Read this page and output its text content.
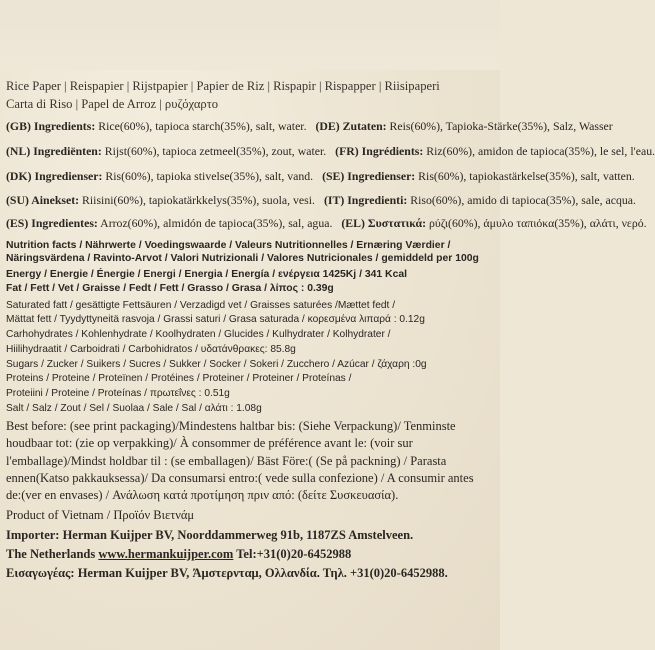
Rice Paper | Reispapier | Rijstpapier | Papier de Riz | Rispapir | Rispapper | Riisipaperi
Carta di Riso | Papel de Arroz | ρυζόχαρτο
(GB) Ingredients: Rice(60%), tapioca starch(35%), salt, water. (DE) Zutaten: Reis(60%), Tapioka-Stärke(35%), Salz, Wasser
(NL) Ingrediënten: Rijst(60%), tapioca zetmeel(35%), zout, water. (FR) Ingrédients: Riz(60%), amidon de tapioca(35%), le sel, l'eau.
(DK) Ingredienser: Ris(60%), tapioka stivelse(35%), salt, vand. (SE) Ingredienser: Ris(60%), tapiokastärkelse(35%), salt, vatten.
(SU) Ainekset: Riisini(60%), tapiokatärkkelys(35%), suola, vesi. (IT) Ingredienti: Riso(60%), amido di tapioca(35%), sale, acqua.
(ES) Ingredientes: Arroz(60%), almidón de tapioca(35%), sal, agua. (EL) Συστατικά: ρύζι(60%), άμυλο ταπιόκα(35%), αλάτι, νερό.
Nutrition facts / Nährwerte / Voedingswaarde / Valeurs Nutritionnelles / Ernæring Værdier /
Näringsvärdena / Ravinto-Arvot / Valori Nutrizionali / Valores Nutricionales / gemiddeld per 100g
Energy / Energie / Énergie / Energi / Energia / Energía / ενέργεια 1425Kj / 341 Kcal
Fat / Fett / Vet / Graisse / Fedt / Fett / Grasso / Grasa / λίπος : 0.39g
Saturated fatt / gesättigte Fettsäuren / Verzadigd vet / Graisses saturées /Mættet fedt /
Mättat fett / Tyydyttyneitä rasvoja / Grassi saturi / Grasa saturada / κορεσμένα λιπαρά : 0.12g
Carhohydrates / Kohlenhydrate / Koolhydraten / Glucides / Kulhydrater / Kolhydrater /
Hiilihydraatit / Carboidrati / Carbohidratos / υδατάνθρακες: 85.8g
Sugars / Zucker / Suikers / Sucres / Sukker / Socker / Sokeri / Zucchero / Azúcar / ζάχαρη :0g
Proteins / Proteine / Proteïnen / Protéines / Proteiner / Proteiner / Proteínas /
Proteiini / Proteine / Proteínas / πρωτεΐνες : 0.51g
Salt / Salz / Zout / Sel / Suolaa / Sale / Sal / αλάτι : 1.08g
Best before: (see print packaging)/Mindestens haltbar bis: (Siehe Verpackung)/ Tenminste
houdbaar tot: (zie op verpakking)/ À consommer de préférence avant le: (voir sur
l'emballage)/Mindst holdbar til : (se emballagen)/ Bäst Före:( (Se på packning) / Parasta
ennen(Katso pakkauksessa)/ Da consumarsi entro:( vede sulla confezione) / A consumir antes
de:(ver en envases) / Ανάλωση κατά προτίμηση πριν από: (δείτε Συσκευασία).
Product of Vietnam / Προϊόν Βιετνάμ
Importer: Herman Kuijper BV, Noorddammerweg 91b, 1187ZS Amstelveen.
The Netherlands www.hermankuijper.com Tel:+31(0)20-6452988
Εισαγωγέας: Herman Kuijper BV, Άμστερνταμ, Ολλανδία. Τηλ. +31(0)20-6452988.
